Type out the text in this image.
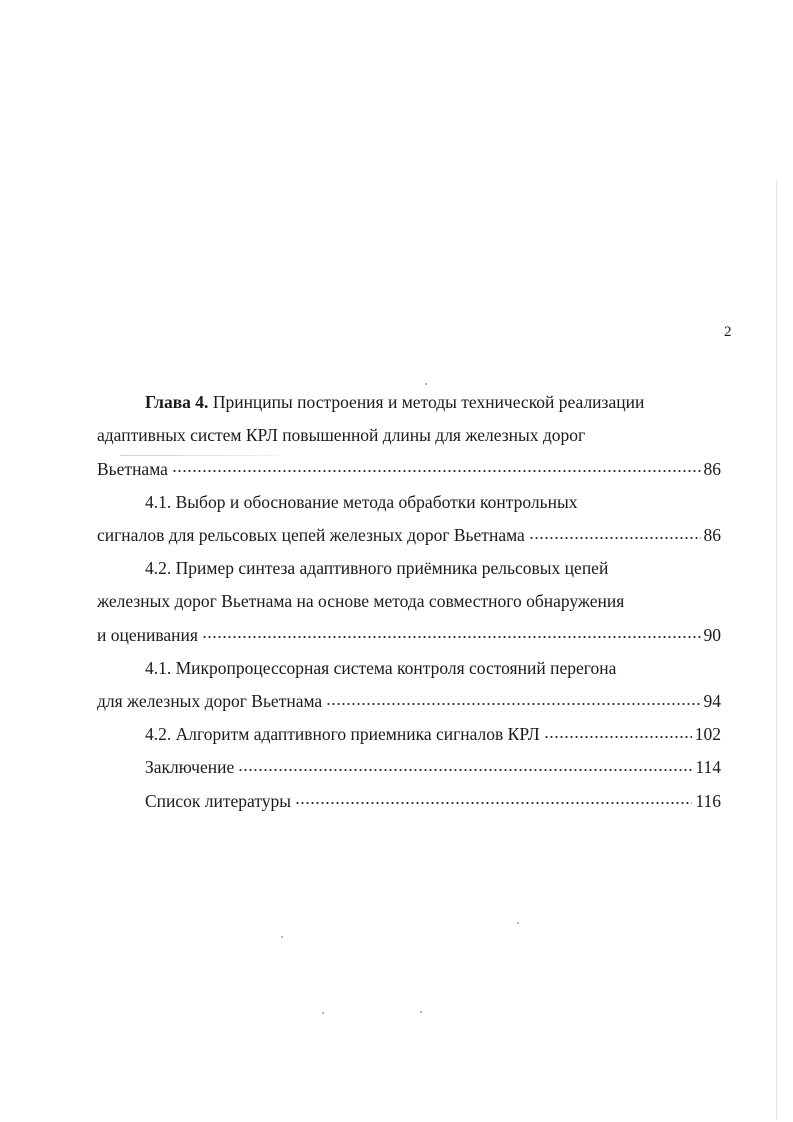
2
Глава 4. Принципы построения и методы технической реализации
адаптивных систем КРЛ повышенной длины для железных дорог
Вьетнама	86
4.1. Выбор и обоснование метода обработки контрольных
сигналов для рельсовых цепей железных дорог Вьетнама	86
4.2. Пример синтеза адаптивного приёмника рельсовых цепей
железных дорог Вьетнама на основе метода совместного обнаружения
и оценивания	90
4.1. Микропроцессорная система контроля состояний перегона
для железных дорог Вьетнама	94
4.2. Алгоритм адаптивного приемника сигналов КРЛ	102
Заключение	114
Список литературы	116
